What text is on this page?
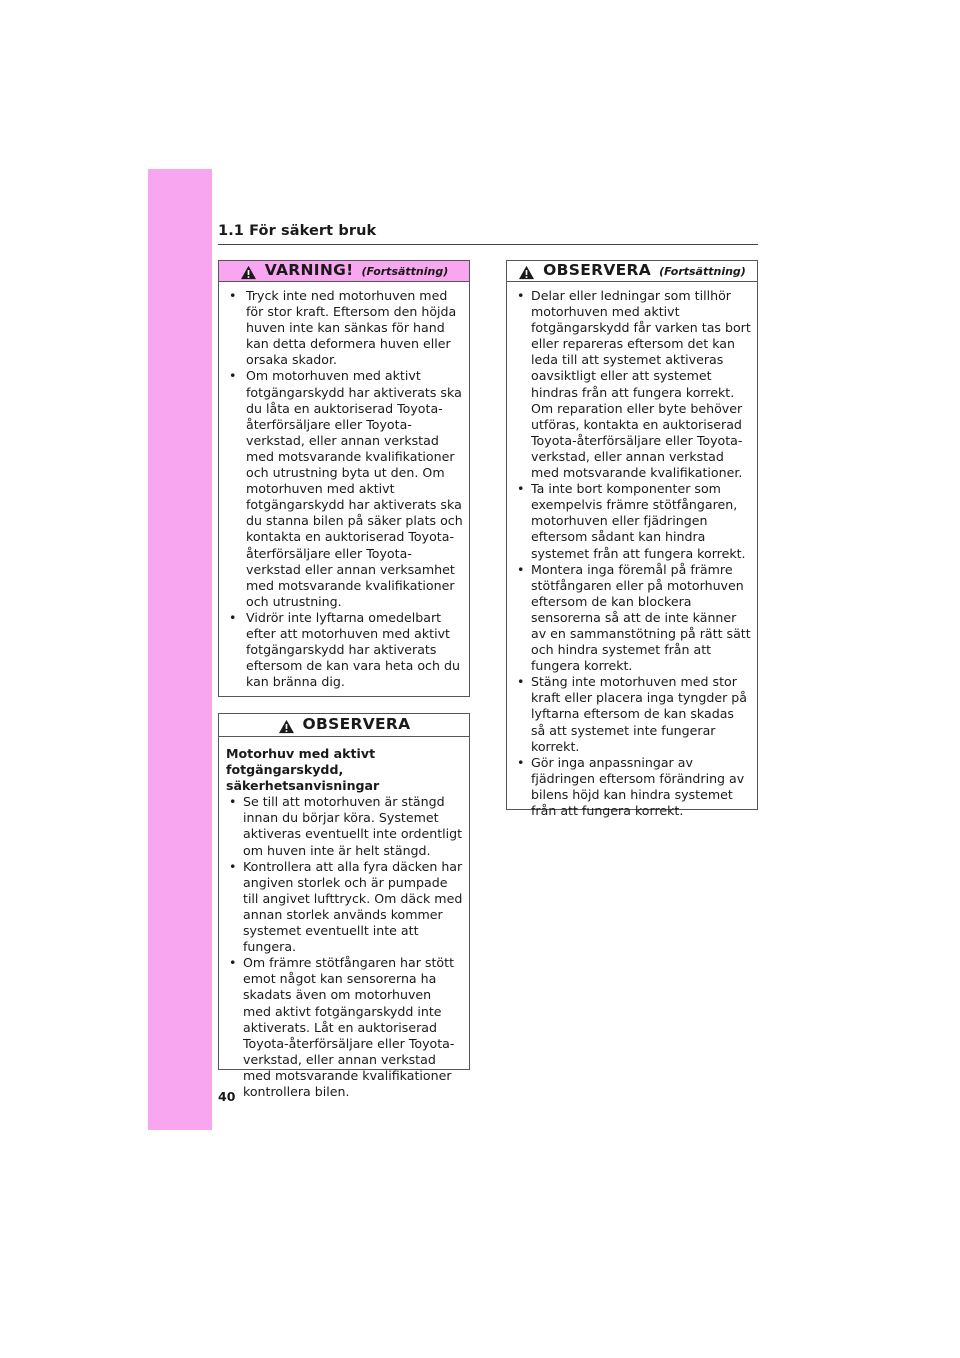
1.1 För säkert bruk
VARNING! (Fortsättning)
• Tryck inte ned motorhuven med för stor kraft. Eftersom den höjda huven inte kan sänkas för hand kan detta deformera huven eller orsaka skador.
• Om motorhuven med aktivt fotgängarskydd har aktiverats ska du låta en auktoriserad Toyota-återförsäljare eller Toyota-verkstad, eller annan verkstad med motsvarande kvalifikationer och utrustning byta ut den. Om motorhuven med aktivt fotgängarskydd har aktiverats ska du stanna bilen på säker plats och kontakta en auktoriserad Toyota-återförsäljare eller Toyota-verkstad eller annan verksamhet med motsvarande kvalifikationer och utrustning.
• Vidrör inte lyftarna omedelbart efter att motorhuven med aktivt fotgängarskydd har aktiverats eftersom de kan vara heta och du kan bränna dig.
OBSERVERA
Motorhuv med aktivt fotgängarskydd, säkerhetsanvisningar
• Se till att motorhuven är stängd innan du börjar köra. Systemet aktiveras eventuellt inte ordentligt om huven inte är helt stängd.
• Kontrollera att alla fyra däcken har angiven storlek och är pumpade till angivet lufttryck. Om däck med annan storlek används kommer systemet eventuellt inte att fungera.
• Om främre stötfångaren har stött emot något kan sensorerna ha skadats även om motorhuven med aktivt fotgängarskydd inte aktiverats. Låt en auktoriserad Toyota-återförsäljare eller Toyota-verkstad, eller annan verkstad med motsvarande kvalifikationer kontrollera bilen.
OBSERVERA (Fortsättning)
• Delar eller ledningar som tillhör motorhuven med aktivt fotgängarskydd får varken tas bort eller repareras eftersom det kan leda till att systemet aktiveras oavsiktligt eller att systemet hindras från att fungera korrekt. Om reparation eller byte behöver utföras, kontakta en auktoriserad Toyota-återförsäljare eller Toyota-verkstad, eller annan verkstad med motsvarande kvalifikationer.
• Ta inte bort komponenter som exempelvis främre stötfångaren, motorhuven eller fjädringen eftersom sådant kan hindra systemet från att fungera korrekt.
• Montera inga föremål på främre stötfångaren eller på motorhuven eftersom de kan blockera sensorerna så att de inte känner av en sammanstötning på rätt sätt och hindra systemet från att fungera korrekt.
• Stäng inte motorhuven med stor kraft eller placera inga tyngder på lyftarna eftersom de kan skadas så att systemet inte fungerar korrekt.
• Gör inga anpassningar av fjädringen eftersom förändring av bilens höjd kan hindra systemet från att fungera korrekt.
40
